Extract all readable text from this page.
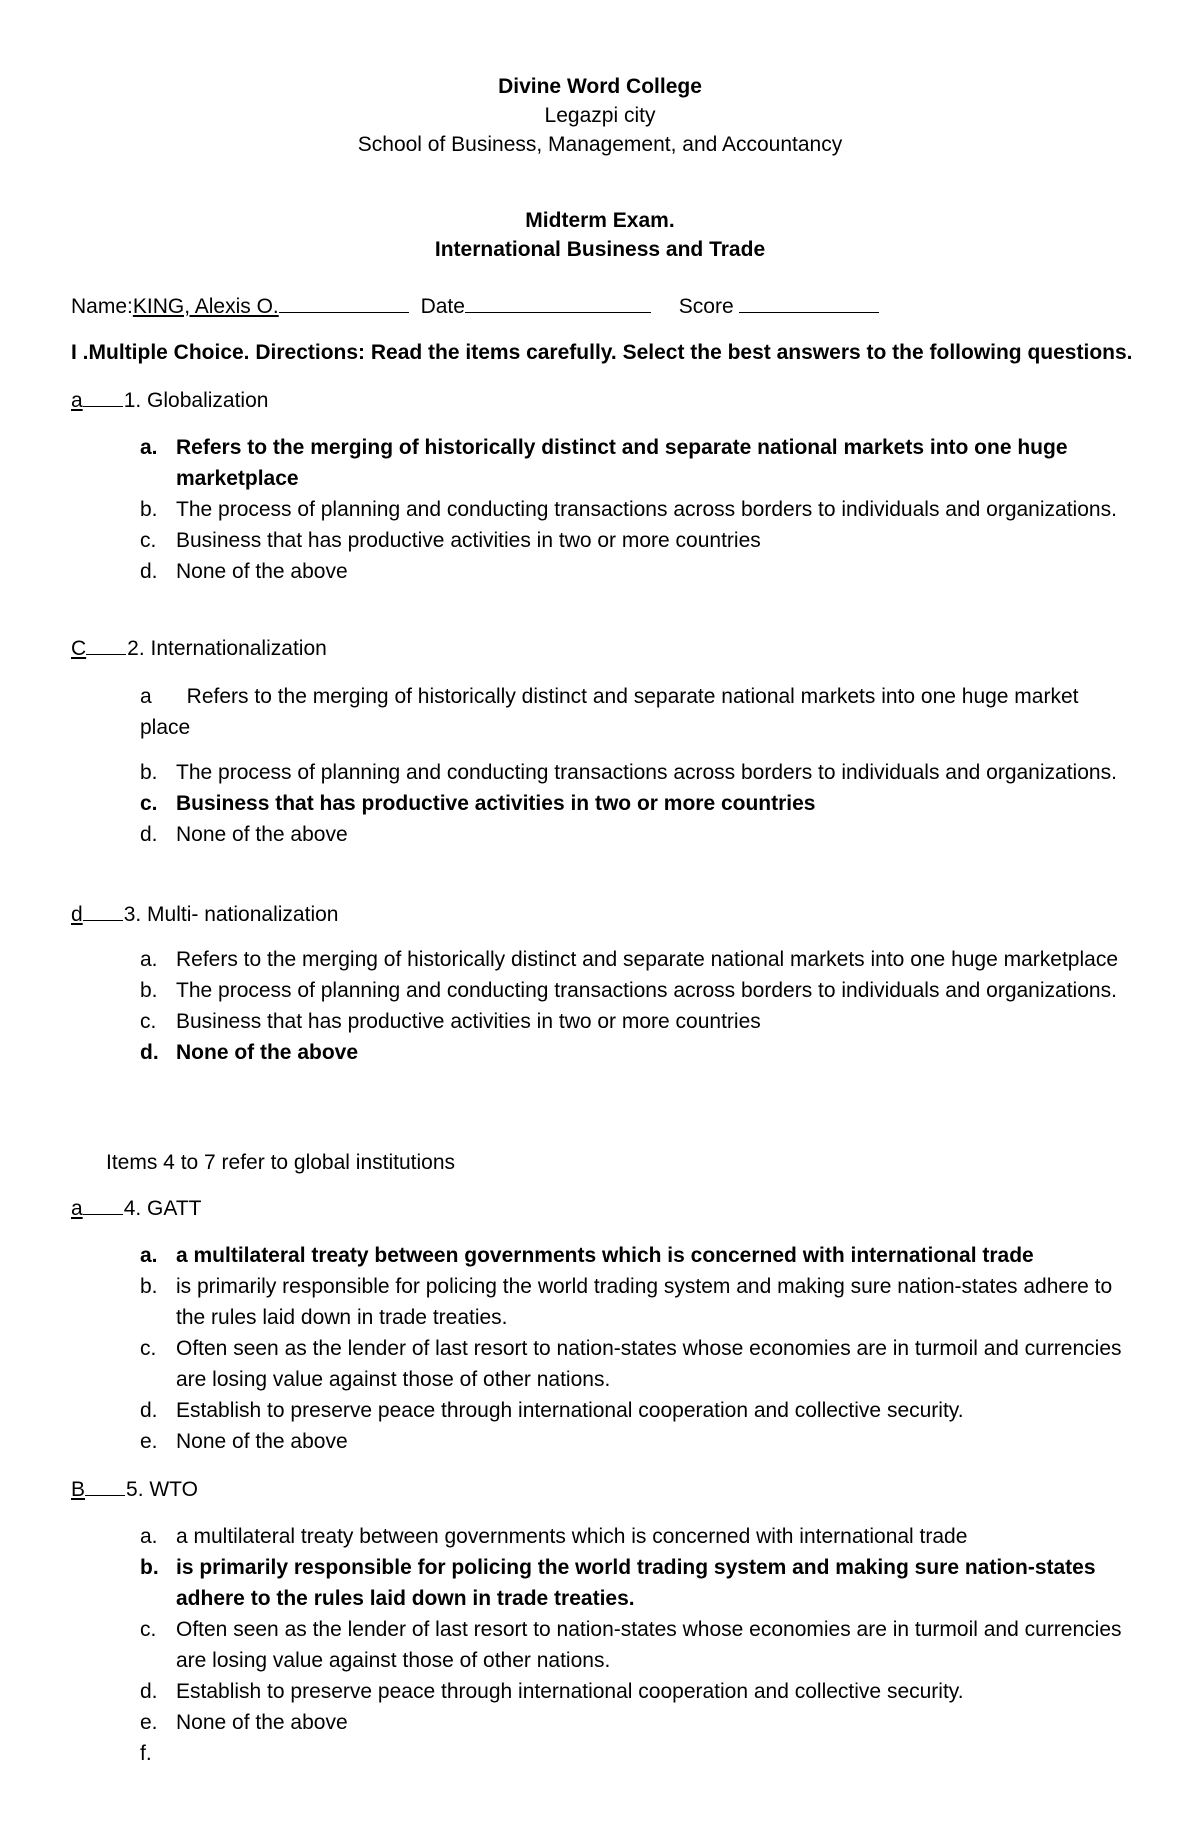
Divine Word College
Legazpi city
School of Business, Management, and Accountancy
Midterm Exam.
International Business and Trade
Name:KING, Alexis O.	Date	Score
I .Multiple Choice. Directions: Read the items carefully. Select the best answers to the following questions.
a 1. Globalization
a. Refers to the merging of historically distinct and separate national markets into one huge marketplace
b. The process of planning and conducting transactions across borders to individuals and organizations.
c. Business that has productive activities in two or more countries
d. None of the above
C 2. Internationalization
a      Refers to the merging of historically distinct and separate national markets into one huge market place
b. The process of planning and conducting transactions across borders to individuals and organizations.
c. Business that has productive activities in two or more countries
d. None of the above
d 3. Multi- nationalization
a. Refers to the merging of historically distinct and separate national markets into one huge marketplace
b. The process of planning and conducting transactions across borders to individuals and organizations.
c. Business that has productive activities in two or more countries
d. None of the above
Items 4 to 7 refer to global institutions
a 4. GATT
a. a multilateral treaty between governments which is concerned with international trade
b. is primarily responsible for policing the world trading system and making sure nation-states adhere to the rules laid down in trade treaties.
c. Often seen as the lender of last resort to nation-states whose economies are in turmoil and currencies are losing value against those of other nations.
d. Establish to preserve peace through international cooperation and collective security.
e. None of the above
B 5. WTO
a. a multilateral treaty between governments which is concerned with international trade
b. is primarily responsible for policing the world trading system and making sure nation-states adhere to the rules laid down in trade treaties.
c. Often seen as the lender of last resort to nation-states whose economies are in turmoil and currencies are losing value against those of other nations.
d. Establish to preserve peace through international cooperation and collective security.
e. None of the above
f.
